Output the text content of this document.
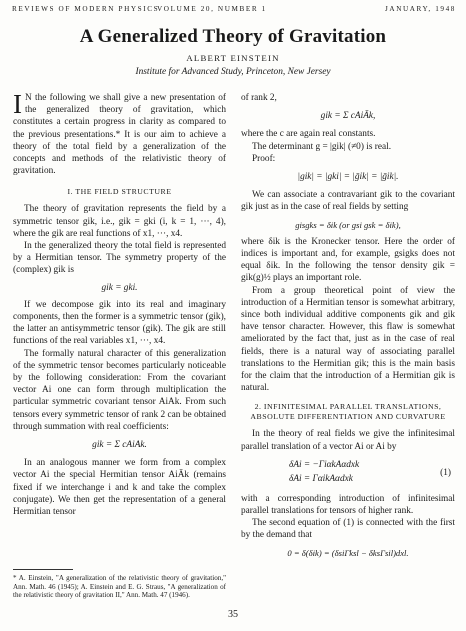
REVIEWS OF MODERN PHYSICS
VOLUME 20, NUMBER 1	JANUARY, 1948
A Generalized Theory of Gravitation
ALBERT EINSTEIN
Institute for Advanced Study, Princeton, New Jersey

I N the following we shall give a new presentation of the generalized theory of gravitation, which constitutes a certain progress in clarity as compared to the previous presentations.* It is our aim to achieve a theory of the total field by a generalization of the concepts and methods of the relativistic theory of gravitation.

I. THE FIELD STRUCTURE

The theory of gravitation represents the field by a symmetric tensor gik, i.e., gik = gki (i, k = 1, ···, 4), where the gik are real functions of x1, ···, x4.

In the generalized theory the total field is represented by a Hermitian tensor. The symmetry property of the (complex) gik is

gik = gki.

If we decompose gik into its real and imaginary components, then the former is a symmetric tensor (gik), the latter an antisymmetric tensor (gik). The gik are still functions of the real variables x1, ···, x4.

The formally natural character of this generalization of the symmetric tensor becomes particularly noticeable by the following consideration: From the covariant vector Ai one can form through multiplication the particular symmetric covariant tensor AiAk. From such tensors every symmetric tensor of rank 2 can be obtained through summation with real coefficients:

gik = Σ cAiAk.

In an analogous manner we form from a complex vector Ai the special Hermitian tensor AiĀk (remains fixed if we interchange i and k and take the complex conjugate). We then get the representation of a general Hermitian tensor

* A. Einstein, "A generalization of the relativistic theory of gravitation," Ann. Math. 46 (1945); A. Einstein and E. G. Straus, "A generalization of the relativistic theory of gravitation II," Ann. Math. 47 (1946).

of rank 2,

gik = Σ cAiĀk,

where the c are again real constants.

The determinant g = |gik| (≠0) is real.

Proof:

|gik| = |gki| = |ḡik| = |ḡik|.

We can associate a contravariant gik to the covariant gik just as in the case of real fields by setting

gisgks = δik (or gsi gsk = δik),

where δik is the Kronecker tensor. Here the order of indices is important and, for example, gsigks does not equal δik. In the following the tensor density gik = gik(g)½ plays an important role.

From a group theoretical point of view the introduction of a Hermitian tensor is somewhat arbitrary, since both individual additive components gik and gik have tensor character. However, this flaw is somewhat ameliorated by the fact that, just as in the case of real fields, there is a natural way of associating parallel translations to the Hermitian gik; this is the main basis for the claim that the introduction of a Hermitian gik is natural.

2. INFINITESIMAL PARALLEL TRANSLATIONS, ABSOLUTE DIFFERENTIATION AND CURVATURE

In the theory of real fields we give the infinitesimal parallel translation of a vector Ai or Ai by

δAi = −ΓiαkAαdxk
δAi = ΓαikAαdxk
(1)

with a corresponding introduction of infinitesimal parallel translations for tensors of higher rank.

The second equation of (1) is connected with the first by the demand that

0 = δ(δik) = (δsiΓksl − δksΓsil)dxl.
35
